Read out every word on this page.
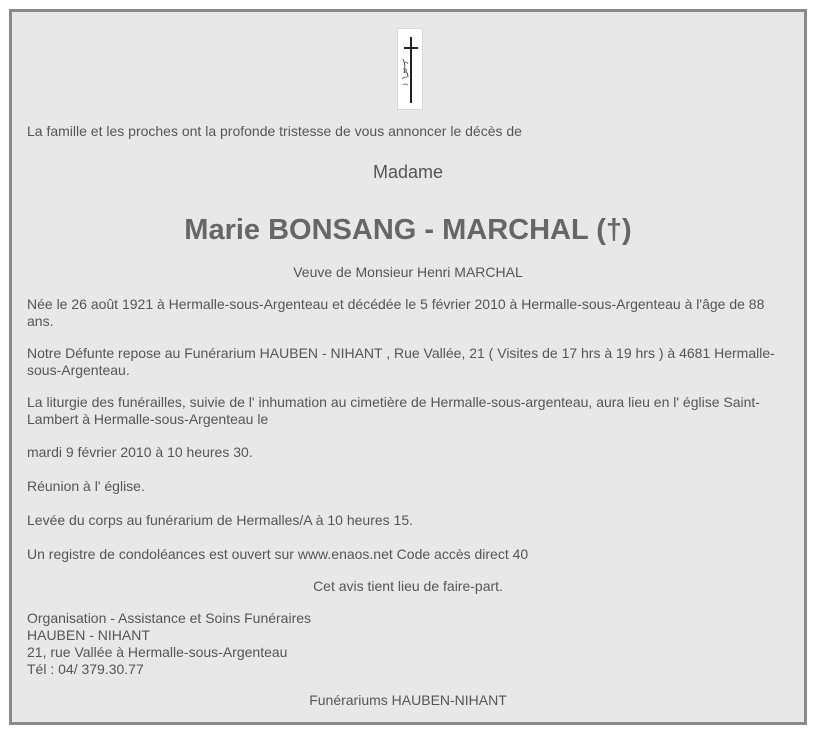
La famille et les proches ont la profonde tristesse de vous annoncer le décès de

Madame

Marie BONSANG - MARCHAL (†)

Veuve de Monsieur Henri MARCHAL

Née le 26 août 1921 à Hermalle-sous-Argenteau et décédée le 5 février 2010 à Hermalle-sous-Argenteau à l'âge de 88 ans.

Notre Défunte repose au Funérarium HAUBEN - NIHANT , Rue Vallée, 21 ( Visites de 17 hrs à 19 hrs ) à 4681 Hermalle-sous-Argenteau.

La liturgie des funérailles, suivie de l' inhumation au cimetière de Hermalle-sous-argenteau, aura lieu en l' église Saint-Lambert à Hermalle-sous-Argenteau le

mardi 9 février 2010 à 10 heures 30.

Réunion à l' église.

Levée du corps au funérarium de Hermalles/A à 10 heures 15.

Un registre de condoléances est ouvert sur www.enaos.net Code accès direct 40

Cet avis tient lieu de faire-part.

Organisation - Assistance et Soins Funéraires

HAUBEN - NIHANT

21, rue Vallée à Hermalle-sous-Argenteau

Tél : 04/ 379.30.77

Funérariums HAUBEN-NIHANT
